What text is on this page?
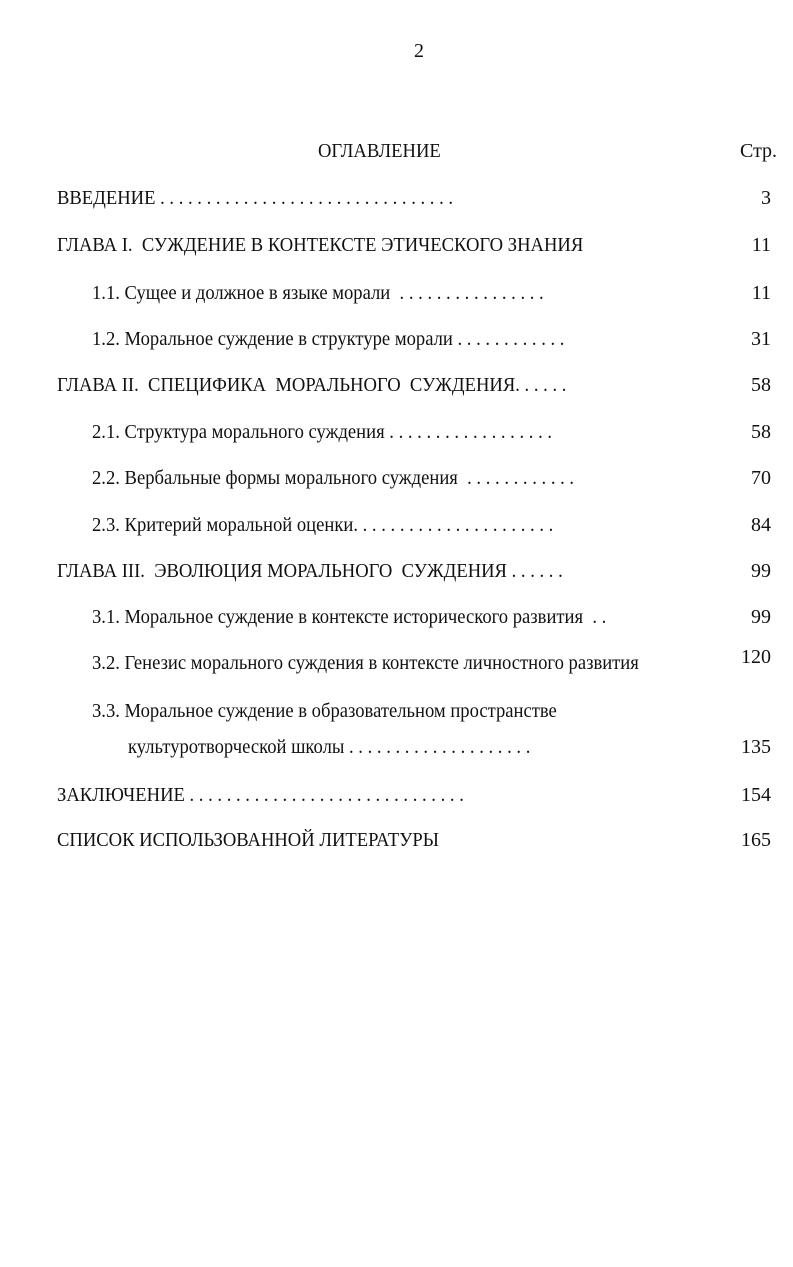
2
ОГЛАВЛЕНИЕ	Стр.
ВВЕДЕНИЕ . . . . . . . . . . . . . . . . . . . . . . . . . . . . . . . .	3
ГЛАВА I.  СУЖДЕНИЕ В КОНТЕКСТЕ ЭТИЧЕСКОГО ЗНАНИЯ	11
1.1. Сущее и должное в языке морали  . . . . . . . . . . . . . . . .	11
1.2. Моральное суждение в структуре морали . . . . . . . . . . . .	31
ГЛАВА II.  СПЕЦИФИКА  МОРАЛЬНОГО  СУЖДЕНИЯ. . . . . .	58
2.1. Структура морального суждения . . . . . . . . . . . . . . . . . .	58
2.2. Вербальные формы морального суждения  . . . . . . . . . . . .	70
2.3. Критерий моральной оценки. . . . . . . . . . . . . . . . . . . . . .	84
ГЛАВА III.  ЭВОЛЮЦИЯ МОРАЛЬНОГО  СУЖДЕНИЯ . . . . . .	99
3.1. Моральное суждение в контексте исторического развития  . .	99
3.2. Генезис морального суждения в контексте личностного развития	120
3.3. Моральное суждение в образовательном пространстве
культуротворческой школы . . . . . . . . . . . . . . . . . . . .	135
ЗАКЛЮЧЕНИЕ . . . . . . . . . . . . . . . . . . . . . . . . . . . . . .	154
СПИСОК ИСПОЛЬЗОВАННОЙ ЛИТЕРАТУРЫ	165
